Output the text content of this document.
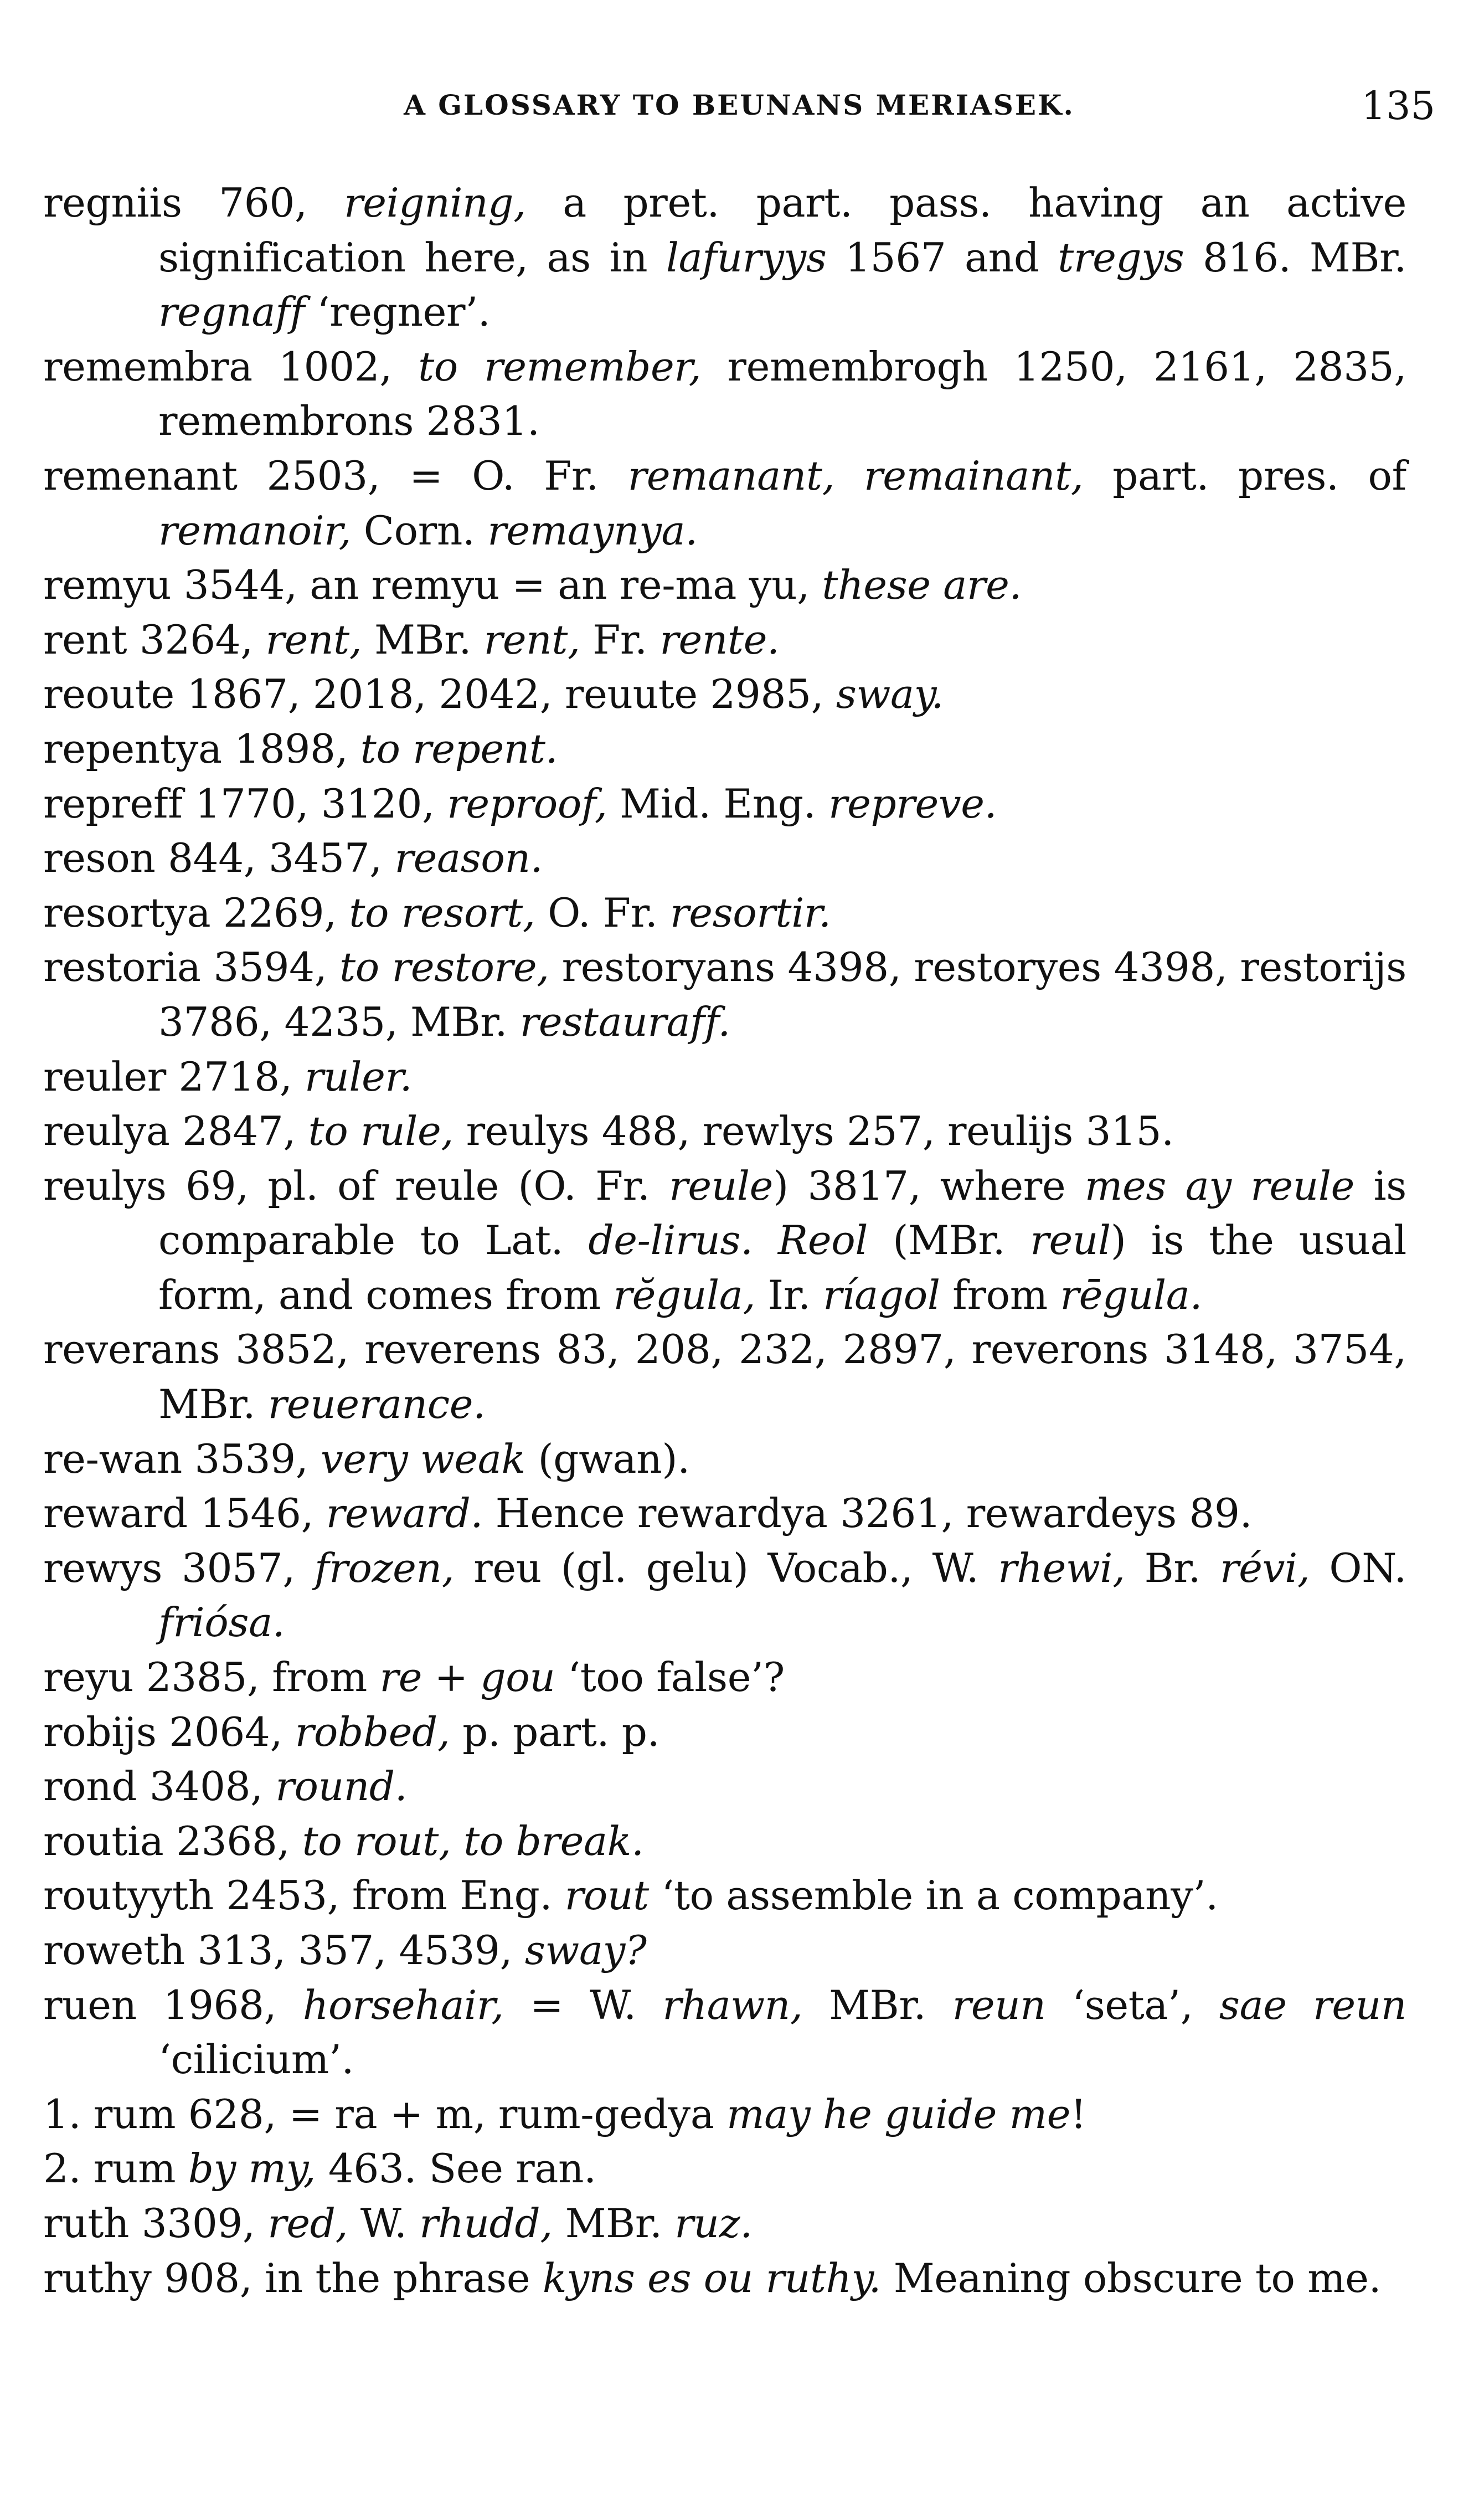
A GLOSSARY TO BEUNANS MERIASEK.	135

regniis 760, reigning, a pret. part. pass. having an active signification here, as in lafuryys 1567 and tregys 816. MBr. regnaff ‘regner’.

remembra 1002, to remember, remembrogh 1250, 2161, 2835, remembrons 2831.

remenant 2503, = O. Fr. remanant, remainant, part. pres. of remanoir, Corn. remaynya.

remyu 3544, an remyu = an re-ma yu, these are.

rent 3264, rent, MBr. rent, Fr. rente.

reoute 1867, 2018, 2042, reuute 2985, sway.

repentya 1898, to repent.

repreff 1770, 3120, reproof, Mid. Eng. repreve.

reson 844, 3457, reason.

resortya 2269, to resort, O. Fr. resortir.

restoria 3594, to restore, restoryans 4398, restoryes 4398, restorijs 3786, 4235, MBr. restauraff.

reuler 2718, ruler.

reulya 2847, to rule, reulys 488, rewlys 257, reulijs 315.

reulys 69, pl. of reule (O. Fr. reule) 3817, where mes ay reule is comparable to Lat. de-lirus. Reol (MBr. reul) is the usual form, and comes from rĕgula, Ir. ríagol from rēgula.

reverans 3852, reverens 83, 208, 232, 2897, reverons 3148, 3754, MBr. reuerance.

re-wan 3539, very weak (gwan).

reward 1546, reward. Hence rewardya 3261, rewardeys 89.

rewys 3057, frozen, reu (gl. gelu) Vocab., W. rhewi, Br. révi, ON. friósa.

reyu 2385, from re + gou ‘too false’?

robijs 2064, robbed, p. part. p.

rond 3408, round.

routia 2368, to rout, to break.

routyyth 2453, from Eng. rout ‘to assemble in a company’.

roweth 313, 357, 4539, sway?

ruen 1968, horsehair, = W. rhawn, MBr. reun ‘seta’, sae reun ‘cilicium’.

1. rum 628, = ra + m, rum-gedya may he guide me!

2. rum by my, 463. See ran.

ruth 3309, red, W. rhudd, MBr. ruz.

ruthy 908, in the phrase kyns es ou ruthy. Meaning obscure to me.
